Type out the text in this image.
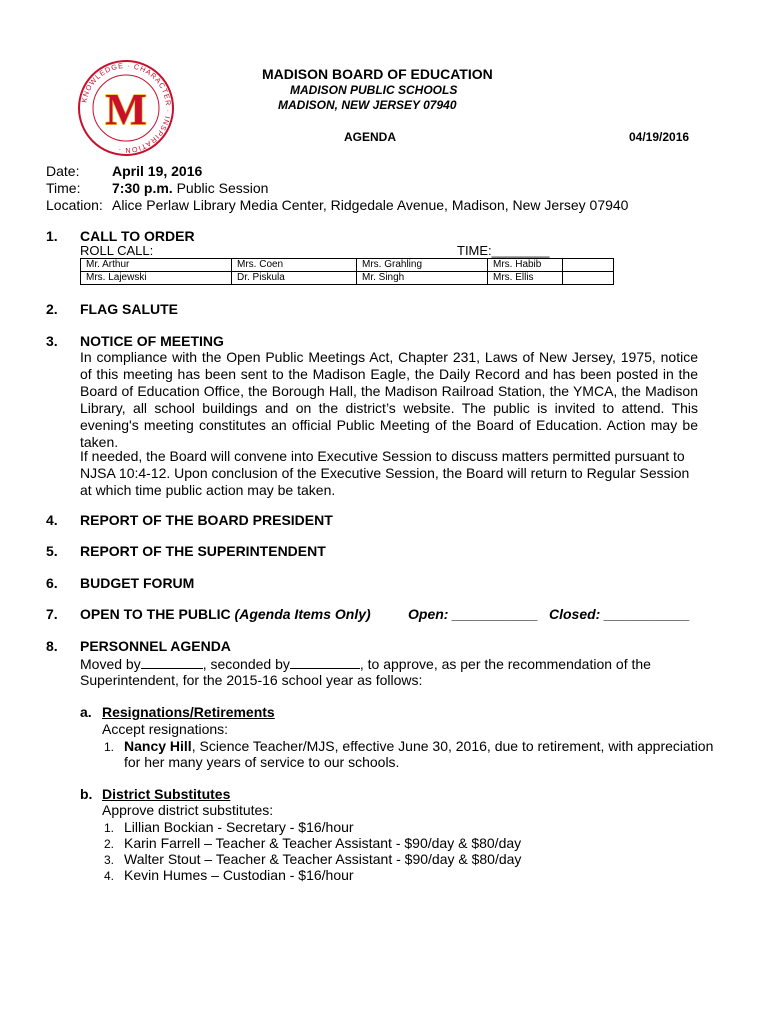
KNOWLEDGE · CHARACTER · INSPIRATION ·
M
MADISON BOARD OF EDUCATION
MADISON PUBLIC SCHOOLS
MADISON, NEW JERSEY 07940
AGENDA	04/19/2016
Date: April 19, 2016
Time: 7:30 p.m. Public Session
Location: Alice Perlaw Library Media Center, Ridgedale Avenue, Madison, New Jersey 07940
1. CALL TO ORDER
ROLL CALL:	TIME:________
Mr. Arthur	Mrs. Coen	Mrs. Grahling	Mrs. Habib	
Mrs. Lajewski	Dr. Piskula	Mr. Singh	Mrs. Ellis	
2. FLAG SALUTE
3. NOTICE OF MEETING
In compliance with the Open Public Meetings Act, Chapter 231, Laws of New Jersey, 1975, notice of this meeting has been sent to the Madison Eagle, the Daily Record and has been posted in the Board of Education Office, the Borough Hall, the Madison Railroad Station, the YMCA, the Madison Library, all school buildings and on the district’s website. The public is invited to attend. This evening's meeting constitutes an official Public Meeting of the Board of Education. Action may be taken.
If needed, the Board will convene into Executive Session to discuss matters permitted pursuant to NJSA 10:4-12. Upon conclusion of the Executive Session, the Board will return to Regular Session at which time public action may be taken.
4. REPORT OF THE BOARD PRESIDENT
5. REPORT OF THE SUPERINTENDENT
6. BUDGET FORUM
7. OPEN TO THE PUBLIC (Agenda Items Only)	Open: ___________ Closed: ___________
8. PERSONNEL AGENDA
Moved by	, seconded by	, to approve, as per the recommendation of the
Superintendent, for the 2015-16 school year as follows:
a. Resignations/Retirements
Accept resignations:
1. Nancy Hill, Science Teacher/MJS, effective June 30, 2016, due to retirement, with appreciation
for her many years of service to our schools.
b. District Substitutes
Approve district substitutes:
1. Lillian Bockian - Secretary - $16/hour
2. Karin Farrell – Teacher & Teacher Assistant - $90/day & $80/day
3. Walter Stout – Teacher & Teacher Assistant - $90/day & $80/day
4. Kevin Humes – Custodian - $16/hour
